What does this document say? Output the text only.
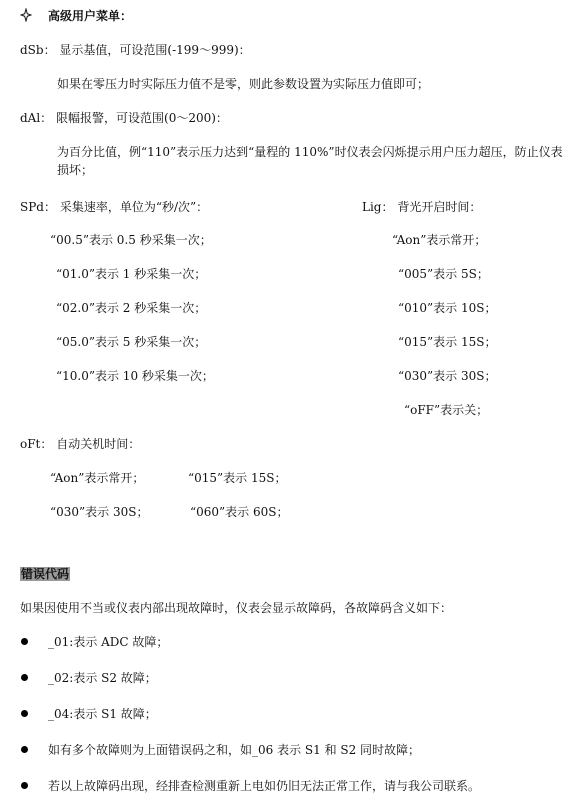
高级用户菜单：
dSb： 显示基值，可设范围(-199～999)：
如果在零压力时实际压力值不是零，则此参数设置为实际压力值即可；
dAl： 限幅报警，可设范围(0～200)：
为百分比值，例“110”表示压力达到“量程的 110%”时仪表会闪烁提示用户压力超压，防止仪表损坏；
SPd： 采集速率，单位为“秒/次”：
“00.5”表示 0.5 秒采集一次；
“01.0”表示 1 秒采集一次；
“02.0”表示 2 秒采集一次；
“05.0”表示 5 秒采集一次；
“10.0”表示 10 秒采集一次；
Lig： 背光开启时间：
“Aon”表示常开；
“005”表示 5S；
“010”表示 10S；
“015”表示 15S；
“030”表示 30S；
“oFF”表示关；
oFt： 自动关机时间：
“Aon”表示常开；	“015”表示 15S；
“030”表示 30S；	“060”表示 60S；
错误代码
如果因使用不当或仪表内部出现故障时，仪表会显示故障码，各故障码含义如下：
_01:表示 ADC 故障；
_02:表示 S2 故障；
_04:表示 S1 故障；
如有多个故障则为上面错误码之和，如_06 表示 S1 和 S2 同时故障；
若以上故障码出现，经排查检测重新上电如仍旧无法正常工作，请与我公司联系。
